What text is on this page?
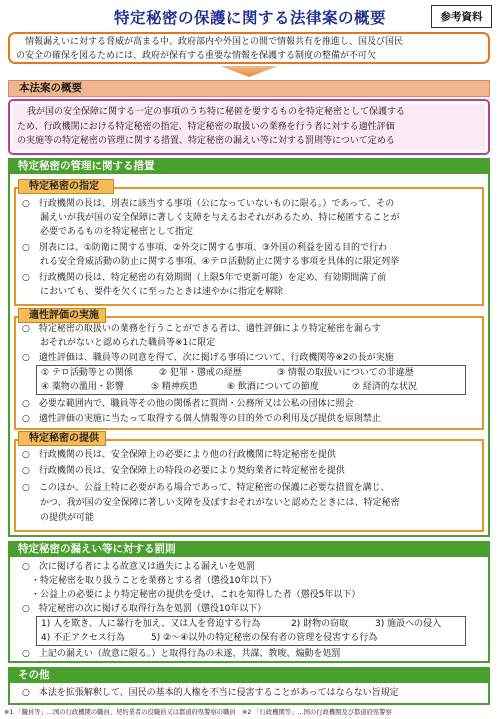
特定秘密の保護に関する法律案の概要	参考資料
　情報漏えいに対する脅威が高まる中、政府部内や外国との間で情報共有を推進し、国及び国民
の安全の確保を図るためには、政府が保有する重要な情報を保護する制度の整備が不可欠
本法案の概要
我が国の安全保障に関する一定の事項のうち特に秘匿を要するものを特定秘密として保護する
ため、行政機関における特定秘密の指定、特定秘密の取扱いの業務を行う者に対する適性評価
の実施等の特定秘密の管理に関する措置、特定秘密の漏えい等に対する罰則等について定める
特定秘密の管理に関する措置
特定秘密の指定
○　行政機関の長は、別表に該当する事項（公になっていないものに限る。）であって、その
　　漏えいが我が国の安全保障に著しく支障を与えるおそれがあるため、特に秘匿することが
　　必要であるものを特定秘密として指定
○　別表には、①防衛に関する事項、②外交に関する事項、③外国の利益を図る目的で行わ
　　れる安全脅威活動の防止に関する事項、④テロ活動防止に関する事項を具体的に限定列挙
○　行政機関の長は、特定秘密の有効期間（上限5年で更新可能）を定め、有効期間満了前
　　においても、要件を欠くに至ったときは速やかに指定を解除
適性評価の実施
○　特定秘密の取扱いの業務を行うことができる者は、適性評価により特定秘密を漏らす
　　おそれがないと認められた職員等※1に限定
○　適性評価は、職員等の同意を得て、次に掲げる事項について、行政機関等※2の長が実施
① テロ活動等との関係	② 犯罪・懲戒の経歴	③ 情報の取扱いについての非違歴
④ 薬物の濫用・影響	⑤ 精神疾患	⑥ 飲酒についての節度	⑦ 経済的な状況
○　必要な範囲内で、職員等その他の関係者に質問・公務所又は公私の団体に照会
○　適性評価の実施に当たって取得する個人情報等の目的外での利用及び提供を原則禁止
特定秘密の提供
○　行政機関の長は、安全保障上の必要により他の行政機関に特定秘密を提供
○　行政機関の長は、安全保障上の特段の必要により契約業者に特定秘密を提供
○　このほか、公益上特に必要がある場合であって、特定秘密の保護に必要な措置を講じ、
　　かつ、我が国の安全保障に著しい支障を及ぼすおそれがないと認めたときには、特定秘密
　　の提供が可能
特定秘密の漏えい等に対する罰則
○　次に掲げる者による故意又は過失による漏えいを処罰
　・特定秘密を取り扱うことを業務とする者（懲役10年以下）
　・公益上の必要により特定秘密の提供を受け、これを知得した者（懲役5年以下）
○　特定秘密の次に掲げる取得行為を処罰（懲役10年以下）
1) 人を欺き、人に暴行を加え、又は人を脅迫する行為	2) 財物の窃取	3) 施設への侵入
4) 不正アクセス行為	5) ②～④以外の特定秘密の保有者の管理を侵害する行為
○　上記の漏えい（故意に限る。）と取得行為の未遂、共謀、教唆、煽動を処罰
その他
○　本法を拡張解釈して、国民の基本的人権を不当に侵害することがあってはならない旨規定
※1 「職員等」…国の行政機関の職員、契約業者の役職員又は都道府県警察の職員　※2 「行政機関等」…国の行政機関及び都道府県警察
